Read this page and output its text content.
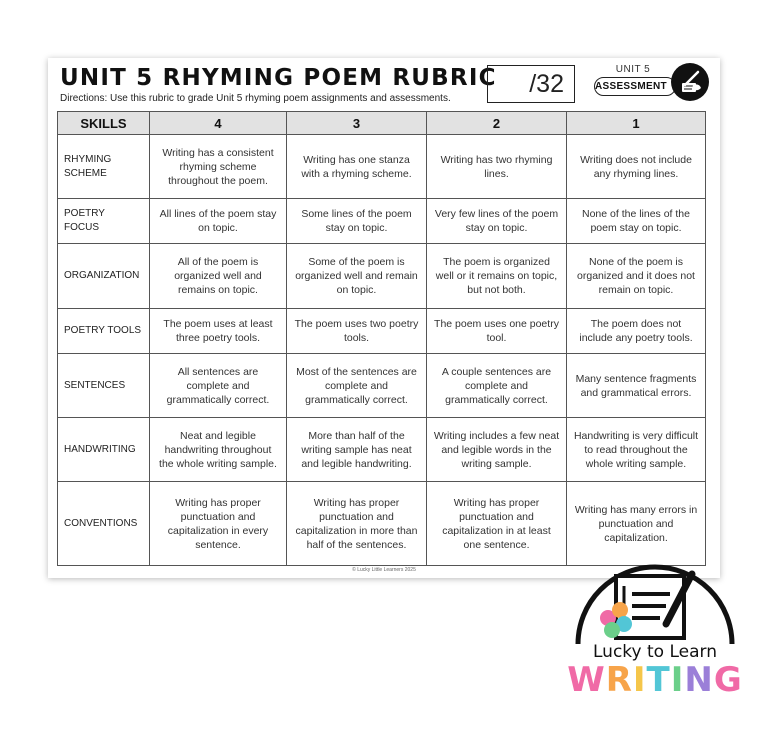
UNIT 5 RHYMING POEM RUBRIC
Directions: Use this rubric to grade Unit 5 rhyming poem assignments and assessments.
/32
UNIT 5
ASSESSMENT
SKILLS	4	3	2	1
RHYMING
SCHEME	Writing has a consistent rhyming scheme throughout the poem.	Writing has one stanza with a rhyming scheme.	Writing has two rhyming lines.	Writing does not include any rhyming lines.
POETRY
FOCUS	All lines of the poem stay on topic.	Some lines of the poem stay on topic.	Very few lines of the poem stay on topic.	None of the lines of the poem stay on topic.
ORGANIZATION	All of the poem is organized well and remains on topic.	Some of the poem is organized well and remain on topic.	The poem is organized well or it remains on topic, but not both.	None of the poem is organized and it does not remain on topic.
POETRY TOOLS	The poem uses at least three poetry tools.	The poem uses two poetry tools.	The poem uses one poetry tool.	The poem does not include any poetry tools.
SENTENCES	All sentences are complete and grammatically correct.	Most of the sentences are complete and grammatically correct.	A couple sentences are complete and grammatically correct.	Many sentence fragments and grammatical errors.
HANDWRITING	Neat and legible handwriting throughout the whole writing sample.	More than half of the writing sample has neat and legible handwriting.	Writing includes a few neat and legible words in the writing sample.	Handwriting is very difficult to read throughout the whole writing sample.
CONVENTIONS	Writing has proper punctuation and capitalization in every sentence.	Writing has proper punctuation and capitalization in more than half of the sentences.	Writing has proper punctuation and capitalization in at least one sentence.	Writing has many errors in punctuation and capitalization.
© Lucky Little Learners 2025
Lucky to Learn
WRITING
